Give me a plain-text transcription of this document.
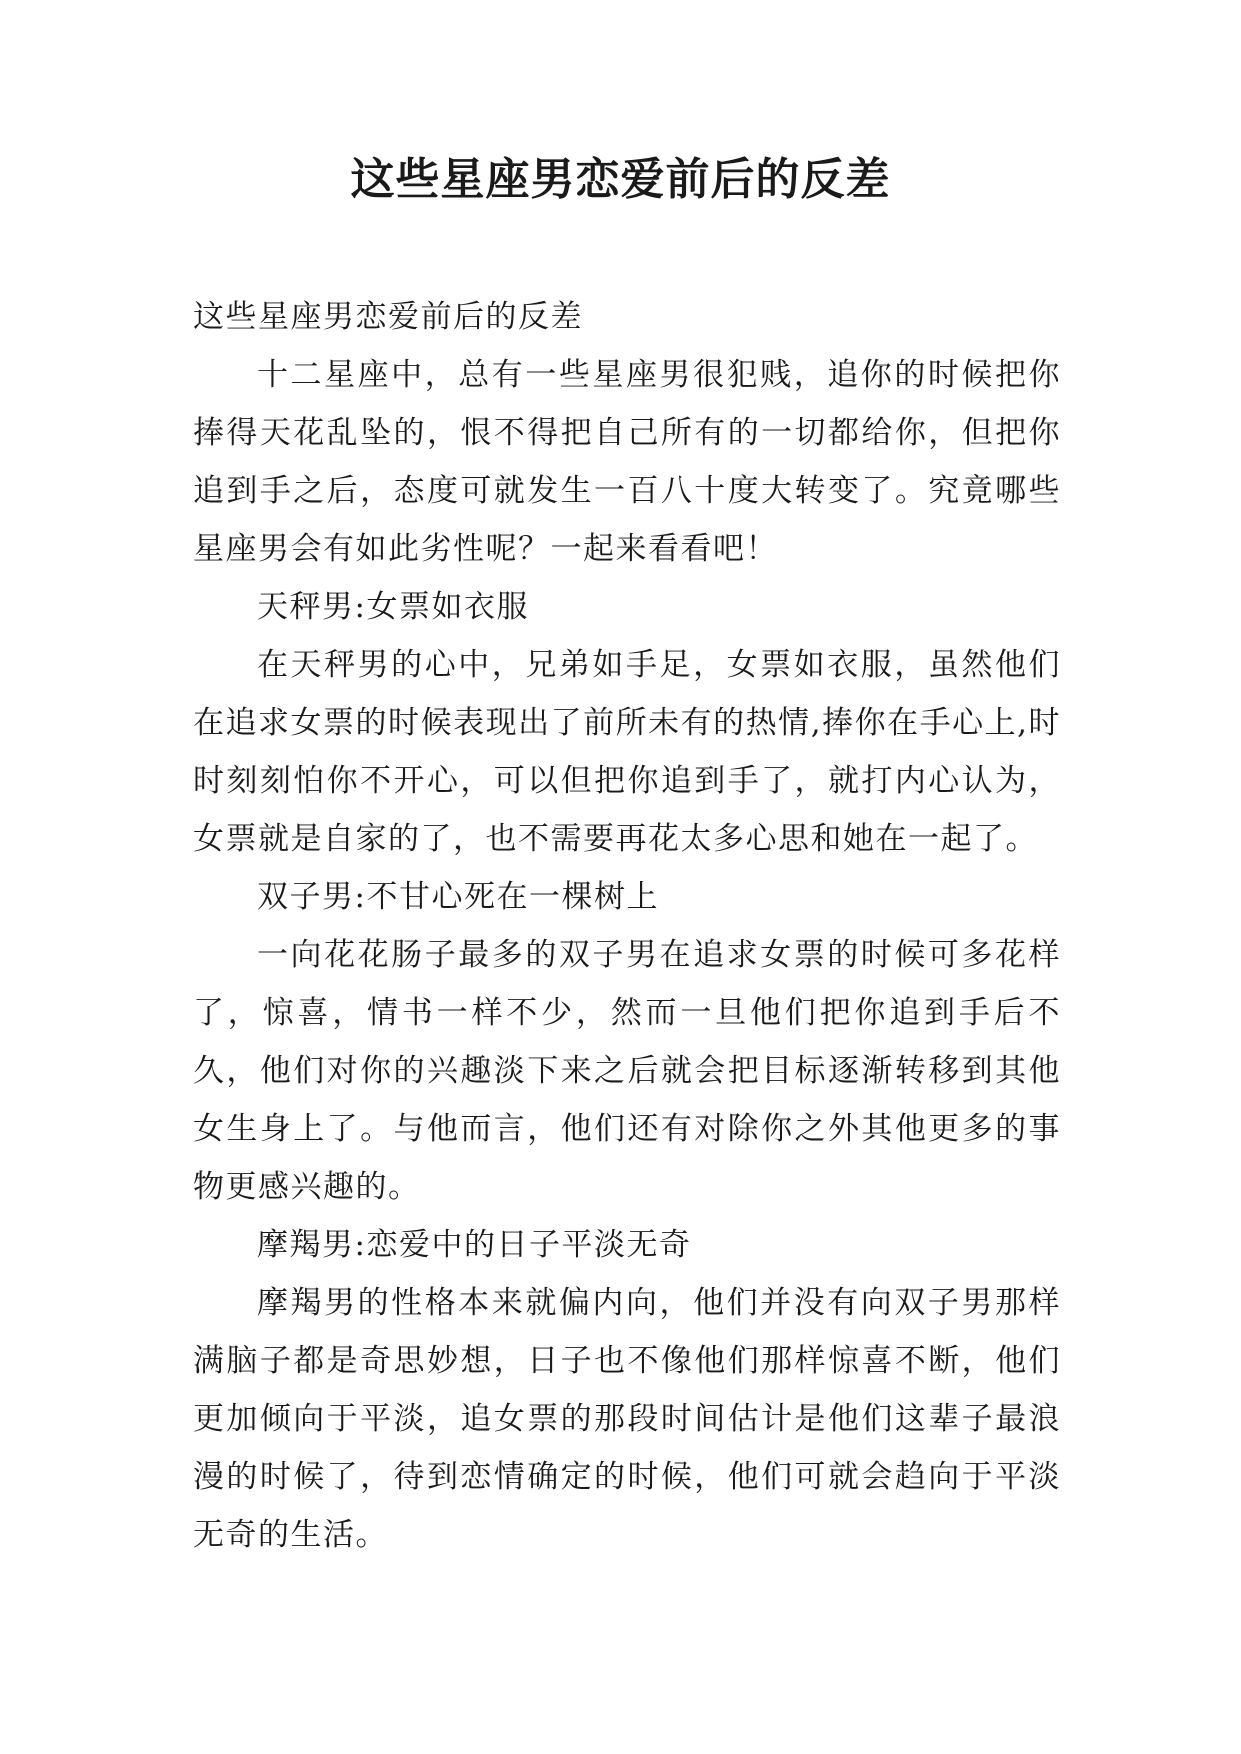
这些星座男恋爱前后的反差

这些星座男恋爱前后的反差

十二星座中，总有一些星座男很犯贱，追你的时候把你捧得天花乱坠的，恨不得把自己所有的一切都给你，但把你追到手之后，态度可就发生一百八十度大转变了。究竟哪些星座男会有如此劣性呢？一起来看看吧！

天秤男:女票如衣服

在天秤男的心中，兄弟如手足，女票如衣服，虽然他们在追求女票的时候表现出了前所未有的热情,捧你在手心上,时时刻刻怕你不开心，可以但把你追到手了，就打内心认为，女票就是自家的了，也不需要再花太多心思和她在一起了。

双子男:不甘心死在一棵树上

一向花花肠子最多的双子男在追求女票的时候可多花样了，惊喜，情书一样不少，然而一旦他们把你追到手后不久，他们对你的兴趣淡下来之后就会把目标逐渐转移到其他女生身上了。与他而言，他们还有对除你之外其他更多的事物更感兴趣的。

摩羯男:恋爱中的日子平淡无奇

摩羯男的性格本来就偏内向，他们并没有向双子男那样满脑子都是奇思妙想，日子也不像他们那样惊喜不断，他们更加倾向于平淡，追女票的那段时间估计是他们这辈子最浪漫的时候了，待到恋情确定的时候，他们可就会趋向于平淡无奇的生活。
